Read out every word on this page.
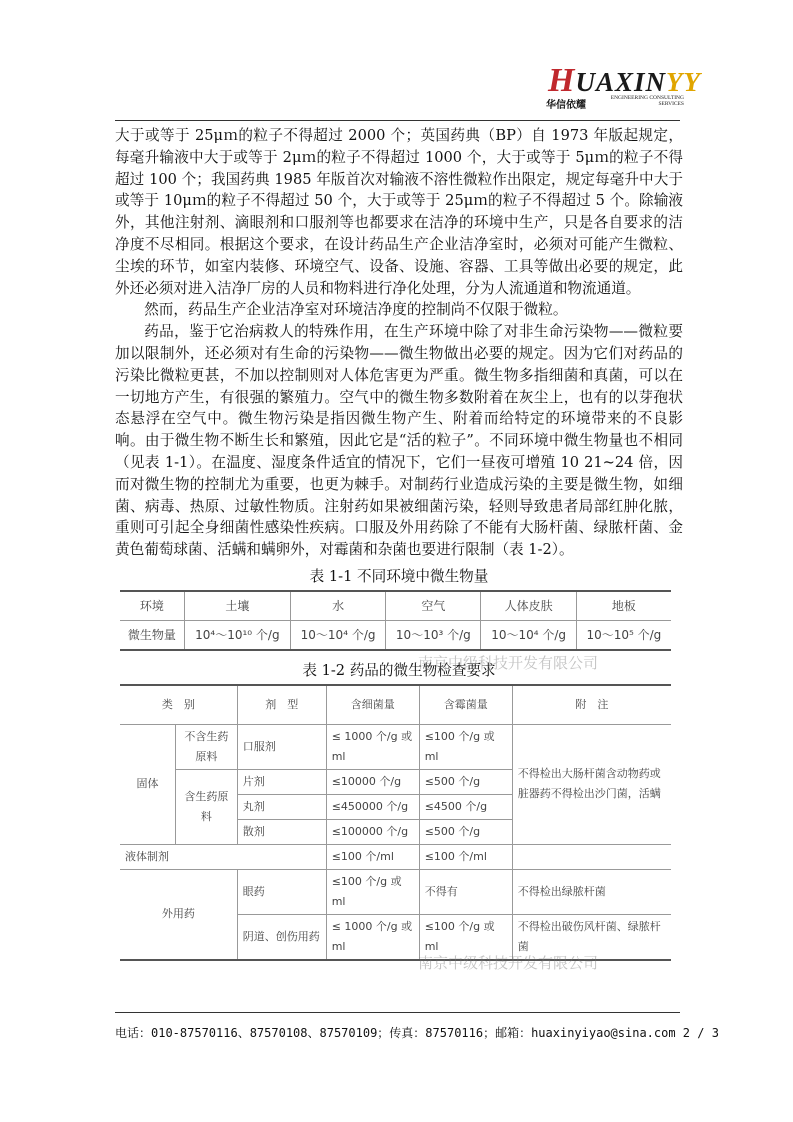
HUAXINYY
华信依耀
ENGINEERING CONSULTING
SERVICES

大于或等于 25μｍ的粒子不得超过 2000 个；英国药典（BP）自 1973 年版起规定，每毫升输液中大于或等于 2μｍ的粒子不得超过 1000 个，大于或等于 5μｍ的粒子不得超过 100 个；我国药典 1985 年版首次对输液不溶性微粒作出限定，规定每毫升中大于或等于 10μｍ的粒子不得超过 50 个，大于或等于 25μｍ的粒子不得超过 5 个。除输液外，其他注射剂、滴眼剂和口服剂等也都要求在洁净的环境中生产，只是各自要求的洁净度不尽相同。根据这个要求，在设计药品生产企业洁净室时，必须对可能产生微粒、尘埃的环节，如室内装修、环境空气、设备、设施、容器、工具等做出必要的规定，此外还必须对进入洁净厂房的人员和物料进行净化处理，分为人流通道和物流通道。

然而，药品生产企业洁净室对环境洁净度的控制尚不仅限于微粒。

药品，鉴于它治病救人的特殊作用，在生产环境中除了对非生命污染物——微粒要加以限制外，还必须对有生命的污染物——微生物做出必要的规定。因为它们对药品的污染比微粒更甚，不加以控制则对人体危害更为严重。微生物多指细菌和真菌，可以在一切地方产生，有很强的繁殖力。空气中的微生物多数附着在灰尘上，也有的以芽孢状态悬浮在空气中。微生物污染是指因微生物产生、附着而给特定的环境带来的不良影响。由于微生物不断生长和繁殖，因此它是“活的粒子”。不同环境中微生物量也不相同（见表 1-1）。在温度、湿度条件适宜的情况下，它们一昼夜可增殖 10 21~24 倍，因而对微生物的控制尤为重要，也更为棘手。对制药行业造成污染的主要是微生物，如细菌、病毒、热原、过敏性物质。注射药如果被细菌污染，轻则导致患者局部红肿化脓，重则可引起全身细菌性感染性疾病。口服及外用药除了不能有大肠杆菌、绿脓杆菌、金黄色葡萄球菌、活螨和螨卵外，对霉菌和杂菌也要进行限制（表 1-2）。

表 1-1 不同环境中微生物量
环境	土壤	水	空气	人体皮肤	地板
微生物量	10⁴～10¹⁰ 个/g	10～10⁴ 个/g	10～10³ 个/g	10～10⁴ 个/g	10～10⁵ 个/g
表 1-2 药品的微生物检查要求
类　别		剂　型	含细菌量	含霉菌量	附　注
固体	不含生药原料	口服剂	≤ 1000 个/g 或 ml	≤100 个/g 或 ml	不得检出大肠杆菌含动物药或脏器药不得检出沙门菌，活螨
	含生药原料	片剂	≤10000 个/g	≤500 个/g	
		丸剂	≤450000 个/g	≤4500 个/g	
		散剂	≤100000 个/g	≤500 个/g	
液体制剂			≤100 个/ml	≤100 个/ml	
外用药		眼药	≤100 个/g 或 ml	不得有	不得检出绿脓杆菌
		阴道、创伤用药	≤ 1000 个/g 或 ml	≤100 个/g 或 ml	不得检出破伤风杆菌、绿脓杆菌
南京中级科技开发有限公司
南京中级科技开发有限公司
电话：010-87570116、87570108、87570109；传真：87570116；邮箱：huaxinyiyao@sina.com 2 / 3
